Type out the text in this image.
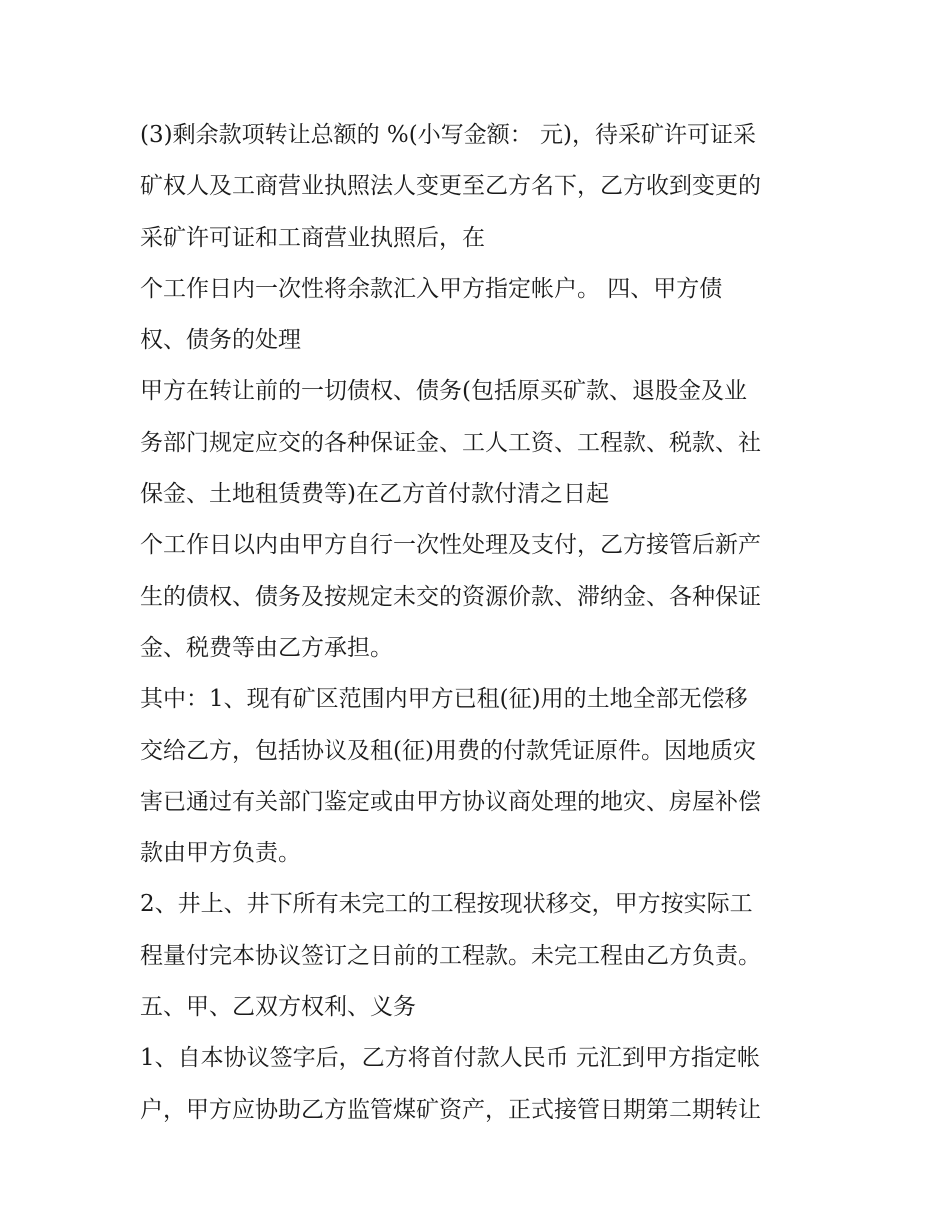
(3)剩余款项转让总额的 %(小写金额： 元)，待采矿许可证采
矿权人及工商营业执照法人变更至乙方名下，乙方收到变更的
采矿许可证和工商营业执照后，在
个工作日内一次性将余款汇入甲方指定帐户。 四、甲方债
权、债务的处理
甲方在转让前的一切债权、债务(包括原买矿款、退股金及业
务部门规定应交的各种保证金、工人工资、工程款、税款、社
保金、土地租赁费等)在乙方首付款付清之日起
个工作日以内由甲方自行一次性处理及支付，乙方接管后新产
生的债权、债务及按规定未交的资源价款、滞纳金、各种保证
金、税费等由乙方承担。
其中：1、现有矿区范围内甲方已租(征)用的土地全部无偿移
交给乙方，包括协议及租(征)用费的付款凭证原件。因地质灾
害已通过有关部门鉴定或由甲方协议商处理的地灾、房屋补偿
款由甲方负责。
2、井上、井下所有未完工的工程按现状移交，甲方按实际工
程量付完本协议签订之日前的工程款。未完工程由乙方负责。
五、甲、乙双方权利、义务
1、自本协议签字后，乙方将首付款人民币 元汇到甲方指定帐
户，甲方应协助乙方监管煤矿资产，正式接管日期第二期转让
